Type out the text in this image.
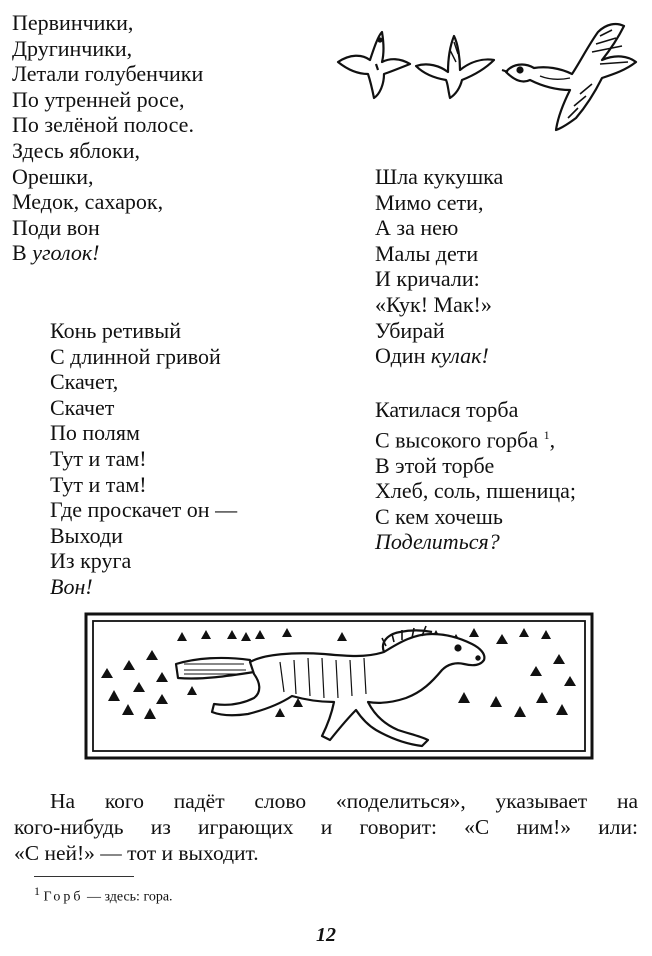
Первинчики,
Другинчики,
Летали голубенчики
По утренней росе,
По зелёной полосе.
Здесь яблоки,
Орешки,
Медок, сахарок,
Поди вон
В уголок!
Конь ретивый
С длинной гривой
Скачет,
Скачет
По полям
Тут и там!
Тут и там!
Где проскачет он —
Выходи
Из круга
Вон!
Шла кукушка
Мимо сети,
А за нею
Малы дети
И кричали:
«Кук! Мак!»
Убирай
Один кулак!
Катилася торба
С высокого горба $^1$,
В этой торбе
Хлеб, соль, пшеница;
С кем хочешь
Поделиться?
На кого падёт слово «поделиться», указывает на
кого-нибудь из играющих и говорит: «С ним!» или:
«С ней!» — тот и выходит.
$^1$ Горб — здесь: гора.
12
